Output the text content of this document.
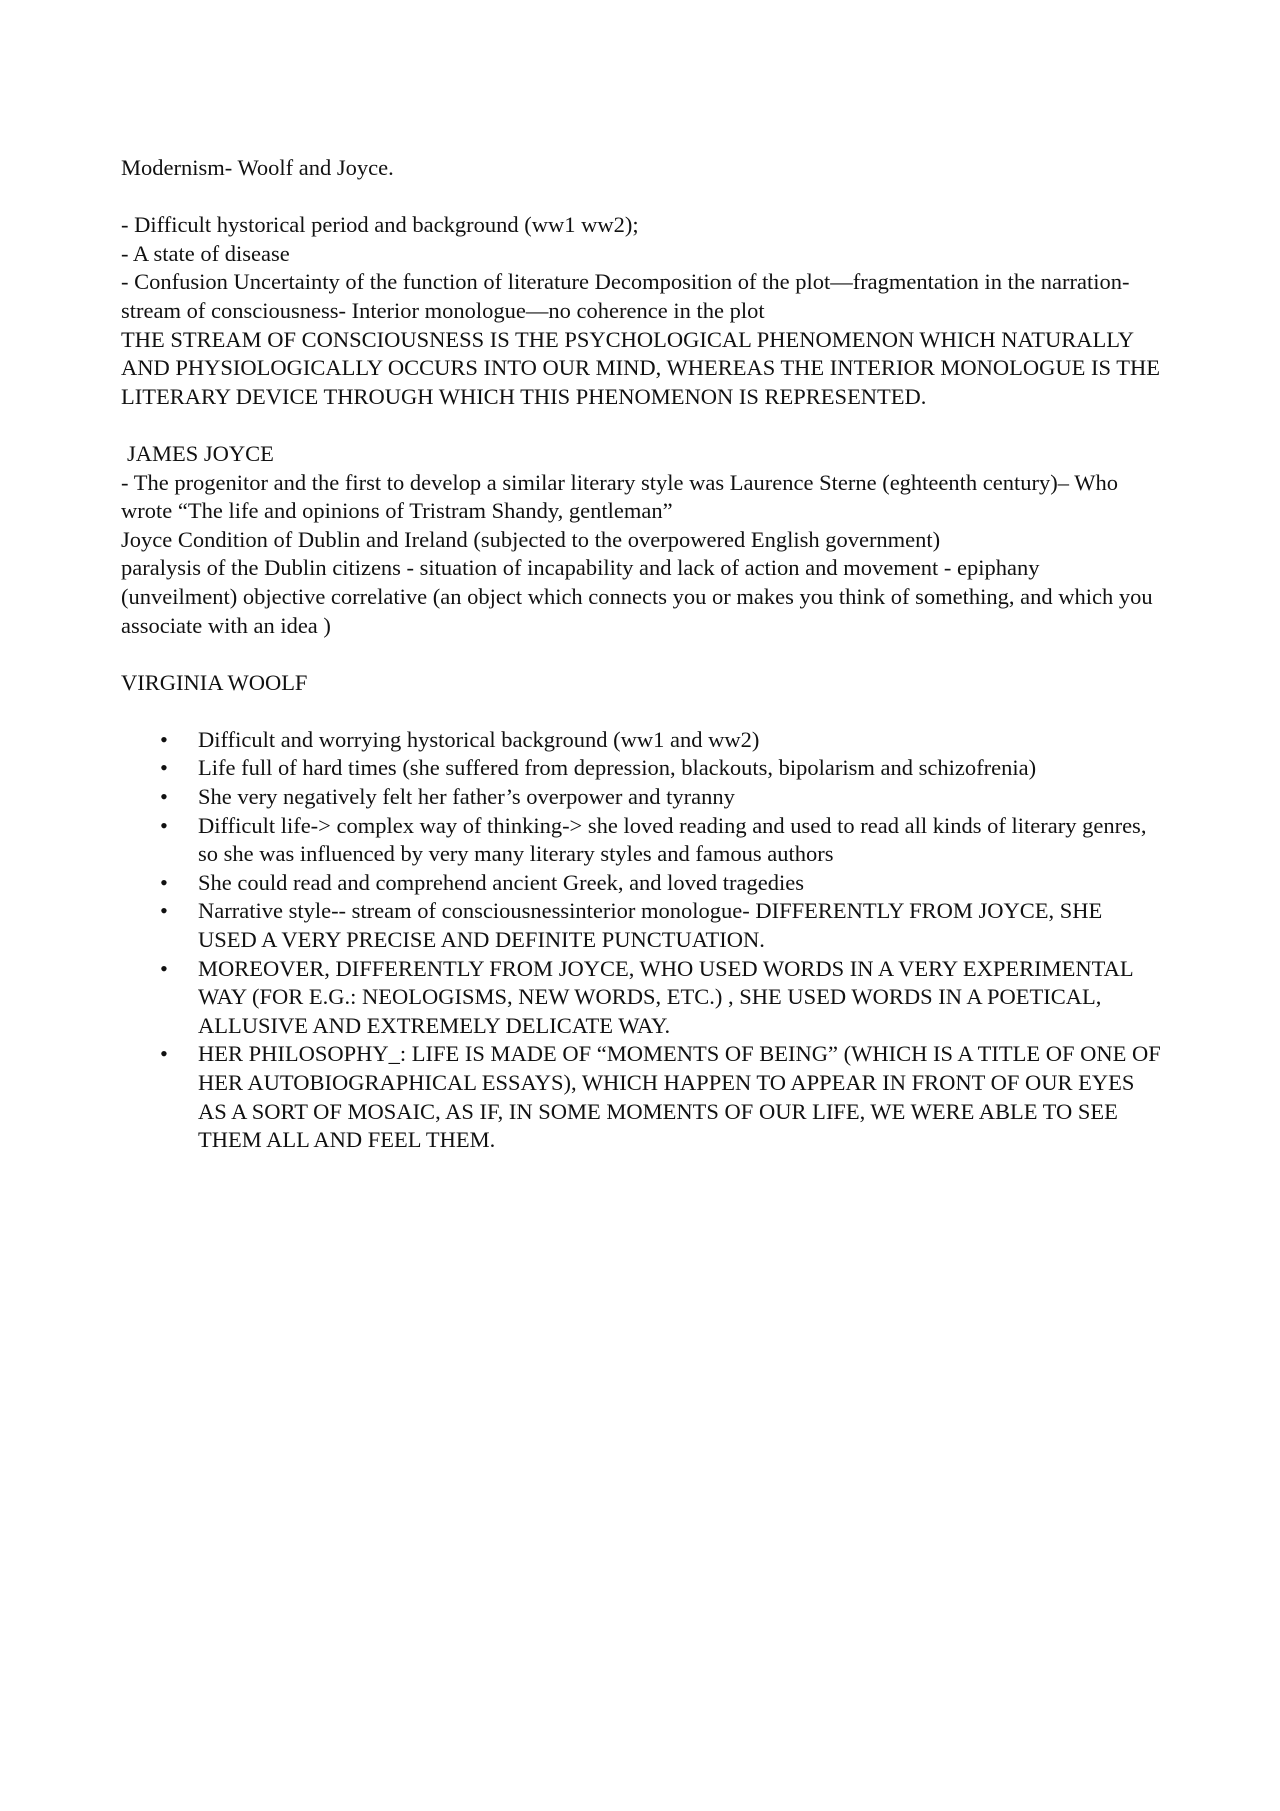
Modernism- Woolf and Joyce.

- Difficult hystorical period and background (ww1 ww2);

- A state of disease

- Confusion Uncertainty of the function of literature Decomposition of the plot—fragmentation in the narration-stream of consciousness- Interior monologue—no coherence in the plot

THE STREAM OF CONSCIOUSNESS IS THE PSYCHOLOGICAL PHENOMENON WHICH NATURALLY AND PHYSIOLOGICALLY OCCURS INTO OUR MIND, WHEREAS THE INTERIOR MONOLOGUE IS THE LITERARY DEVICE THROUGH WHICH THIS PHENOMENON IS REPRESENTED.

JAMES JOYCE

- The progenitor and the first to develop a similar literary style was Laurence Sterne (eghteenth century)– Who wrote “The life and opinions of Tristram Shandy, gentleman”

Joyce Condition of Dublin and Ireland (subjected to the overpowered English government)

paralysis of the Dublin citizens - situation of incapability and lack of action and movement - epiphany (unveilment) objective correlative (an object which connects you or makes you think of something, and which you associate with an idea )

VIRGINIA WOOLF

• Difficult and worrying hystorical background (ww1 and ww2)
• Life full of hard times (she suffered from depression, blackouts, bipolarism and schizofrenia)
• She very negatively felt her father’s overpower and tyranny
• Difficult life-> complex way of thinking-> she loved reading and used to read all kinds of literary genres, so she was influenced by very many literary styles and famous authors
• She could read and comprehend ancient Greek, and loved tragedies
• Narrative style-- stream of consciousnessinterior monologue- DIFFERENTLY FROM JOYCE, SHE USED A VERY PRECISE AND DEFINITE PUNCTUATION.
• MOREOVER, DIFFERENTLY FROM JOYCE, WHO USED WORDS IN A VERY EXPERIMENTAL WAY (FOR E.G.: NEOLOGISMS, NEW WORDS, ETC.) , SHE USED WORDS IN A POETICAL, ALLUSIVE AND EXTREMELY DELICATE WAY.
• HER PHILOSOPHY_: LIFE IS MADE OF “MOMENTS OF BEING” (WHICH IS A TITLE OF ONE OF HER AUTOBIOGRAPHICAL ESSAYS), WHICH HAPPEN TO APPEAR IN FRONT OF OUR EYES AS A SORT OF MOSAIC, AS IF, IN SOME MOMENTS OF OUR LIFE, WE WERE ABLE TO SEE THEM ALL AND FEEL THEM.
